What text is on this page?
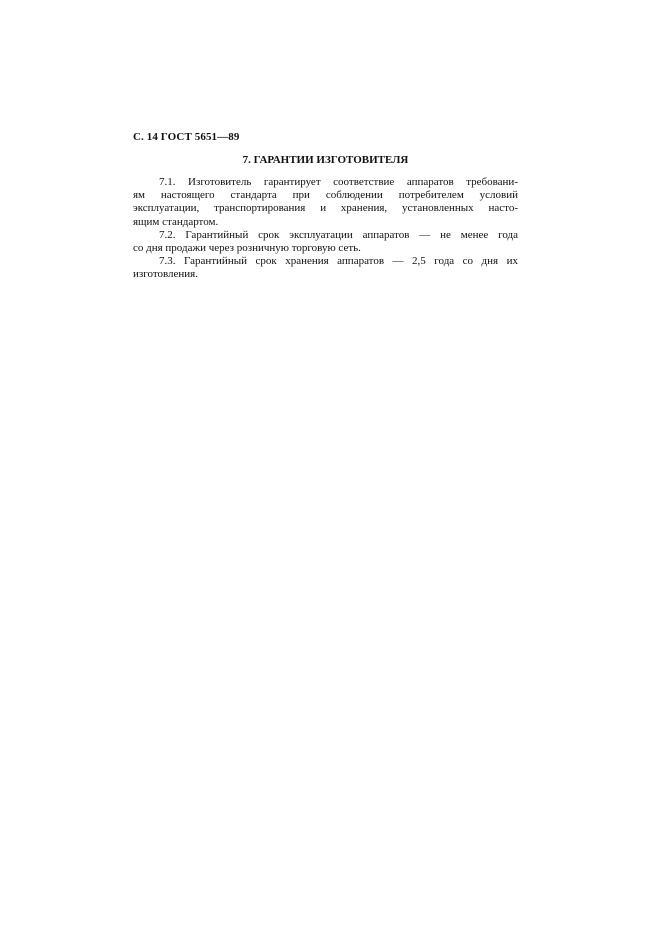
С. 14 ГОСТ 5651—89
7. ГАРАНТИИ ИЗГОТОВИТЕЛЯ
7.1. Изготовитель гарантирует соответствие аппаратов требовани-
ям настоящего стандарта при соблюдении потребителем условий
эксплуатации, транспортирования и хранения, установленных насто-
ящим стандартом.
7.2. Гарантийный срок эксплуатации аппаратов — не менее года
со дня продажи через розничную торговую сеть.
7.3. Гарантийный срок хранения аппаратов — 2,5 года со дня их
изготовления.
